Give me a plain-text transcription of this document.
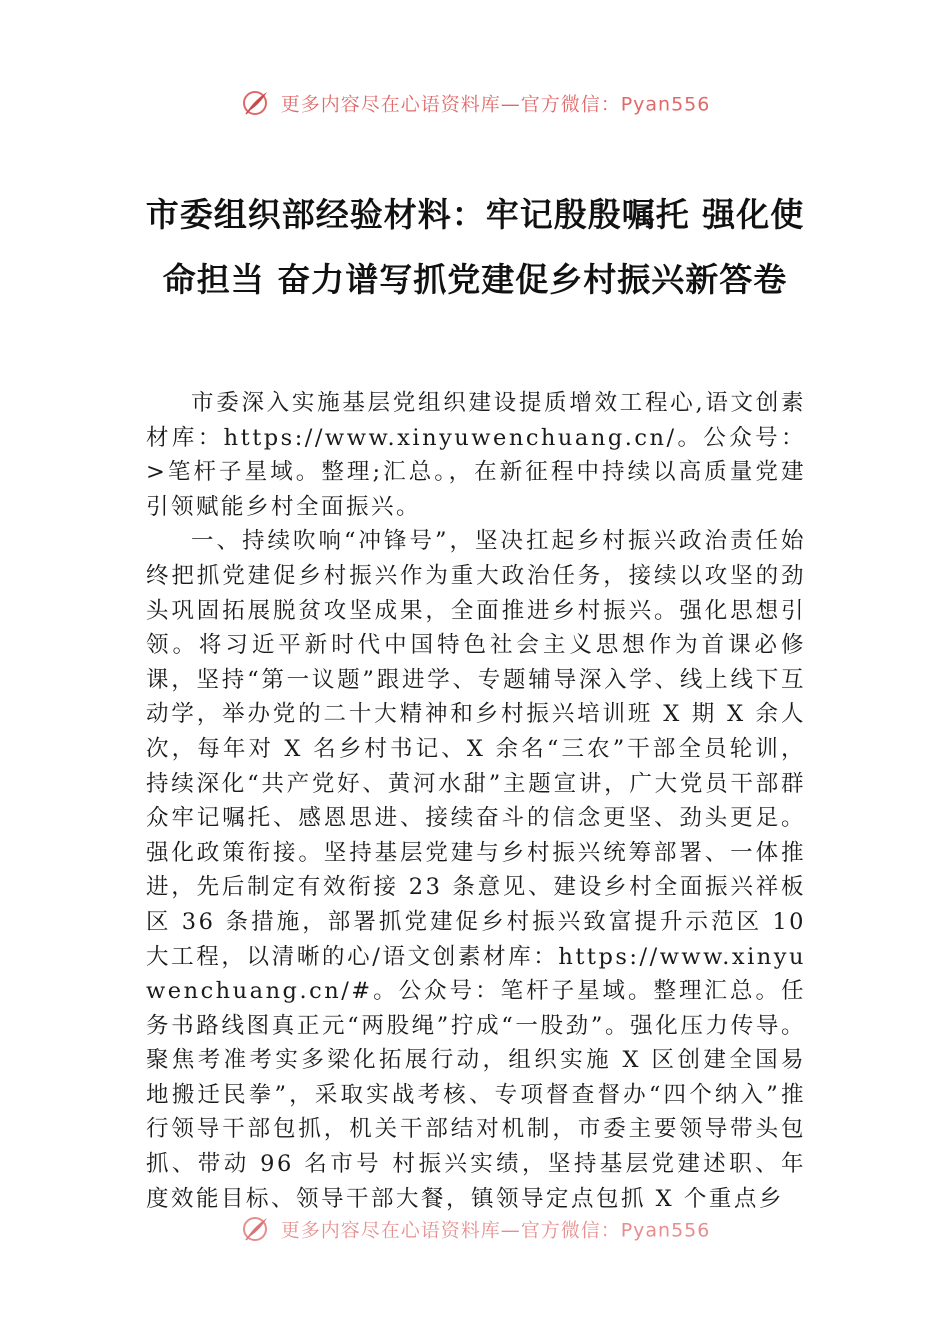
更多内容尽在心语资料库—官方微信：Pyan556
市委组织部经验材料：牢记殷殷嘱托 强化使命担当 奋力谱写抓党建促乡村振兴新答卷

市委深入实施基层党组织建设提质增效工程心,语文创素材库：https://www.xinyuwenchuang.cn/。公众号：>笔杆子星域。整理;汇总。，在新征程中持续以高质量党建引领赋能乡村全面振兴。

一、持续吹响“冲锋号”，坚决扛起乡村振兴政治责任始终把抓党建促乡村振兴作为重大政治任务，接续以攻坚的劲头巩固拓展脱贫攻坚成果，全面推进乡村振兴。强化思想引领。将习近平新时代中国特色社会主义思想作为首课必修课，坚持“第一议题”跟进学、专题辅导深入学、线上线下互动学，举办党的二十大精神和乡村振兴培训班 X 期 X 余人次，每年对 X 名乡村书记、X 余名“三农”干部全员轮训，持续深化“共产党好、黄河水甜”主题宣讲，广大党员干部群众牢记嘱托、感恩思进、接续奋斗的信念更坚、劲头更足。强化政策衔接。坚持基层党建与乡村振兴统筹部署、一体推进，先后制定有效衔接 23 条意见、建设乡村全面振兴祥板区 36 条措施，部署抓党建促乡村振兴致富提升示范区 10 大工程，以清晰的心/语文创素材库：https://www.xinyuwenchuang.cn/#。公众号：笔杆子星域。整理汇总。任务书路线图真正元“两股绳”拧成“一股劲”。强化压力传导。聚焦考准考实多梁化拓展行动，组织实施 X 区创建全国易地搬迁民拳”，采取实战考核、专项督查督办“四个纳入”推行领导干部包抓，机关干部结对机制，市委主要领导带头包抓、带动 96 名市号 村振兴实绩，坚持基层党建述职、年度效能目标、领导干部大餐，镇领导定点包抓 X 个重点乡

更多内容尽在心语资料库—官方微信：Pyan556
